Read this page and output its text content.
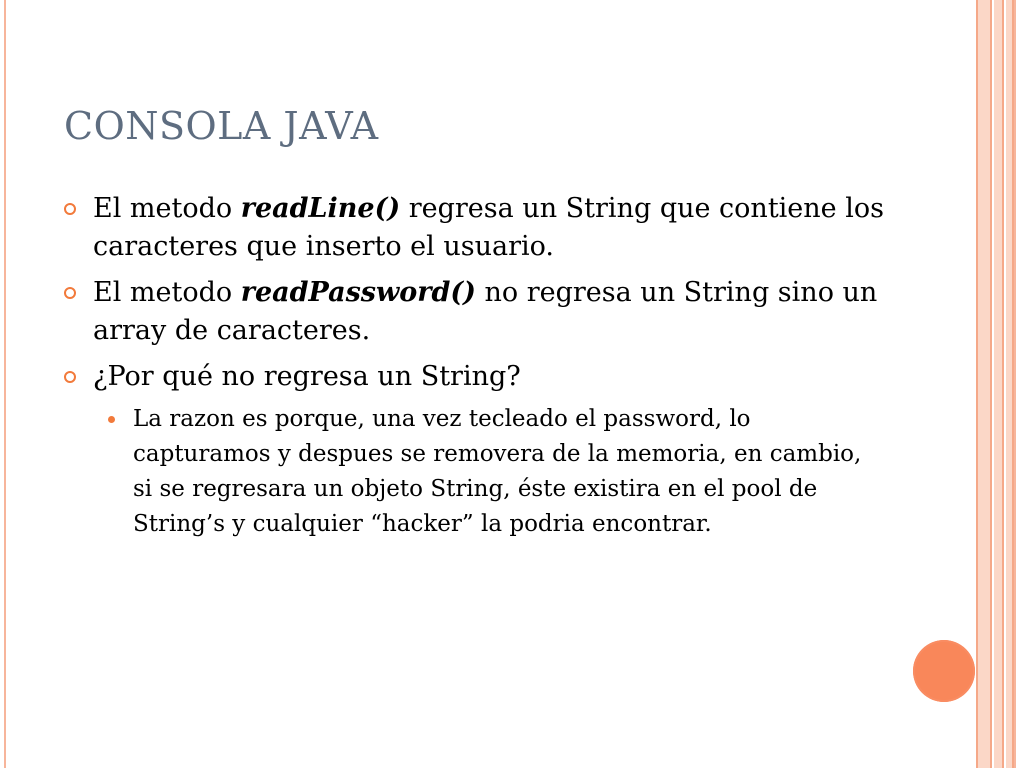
CONSOLA JAVA
El metodo readLine() regresa un String que contiene los caracteres que inserto el usuario.
El metodo readPassword() no regresa un String sino un array de caracteres.
¿Por qué no regresa un String?
La razon es porque, una vez tecleado el password, lo capturamos y despues se removera de la memoria, en cambio, si se regresara un objeto String, éste existira en el pool de String’s y cualquier “hacker” la podria encontrar.
